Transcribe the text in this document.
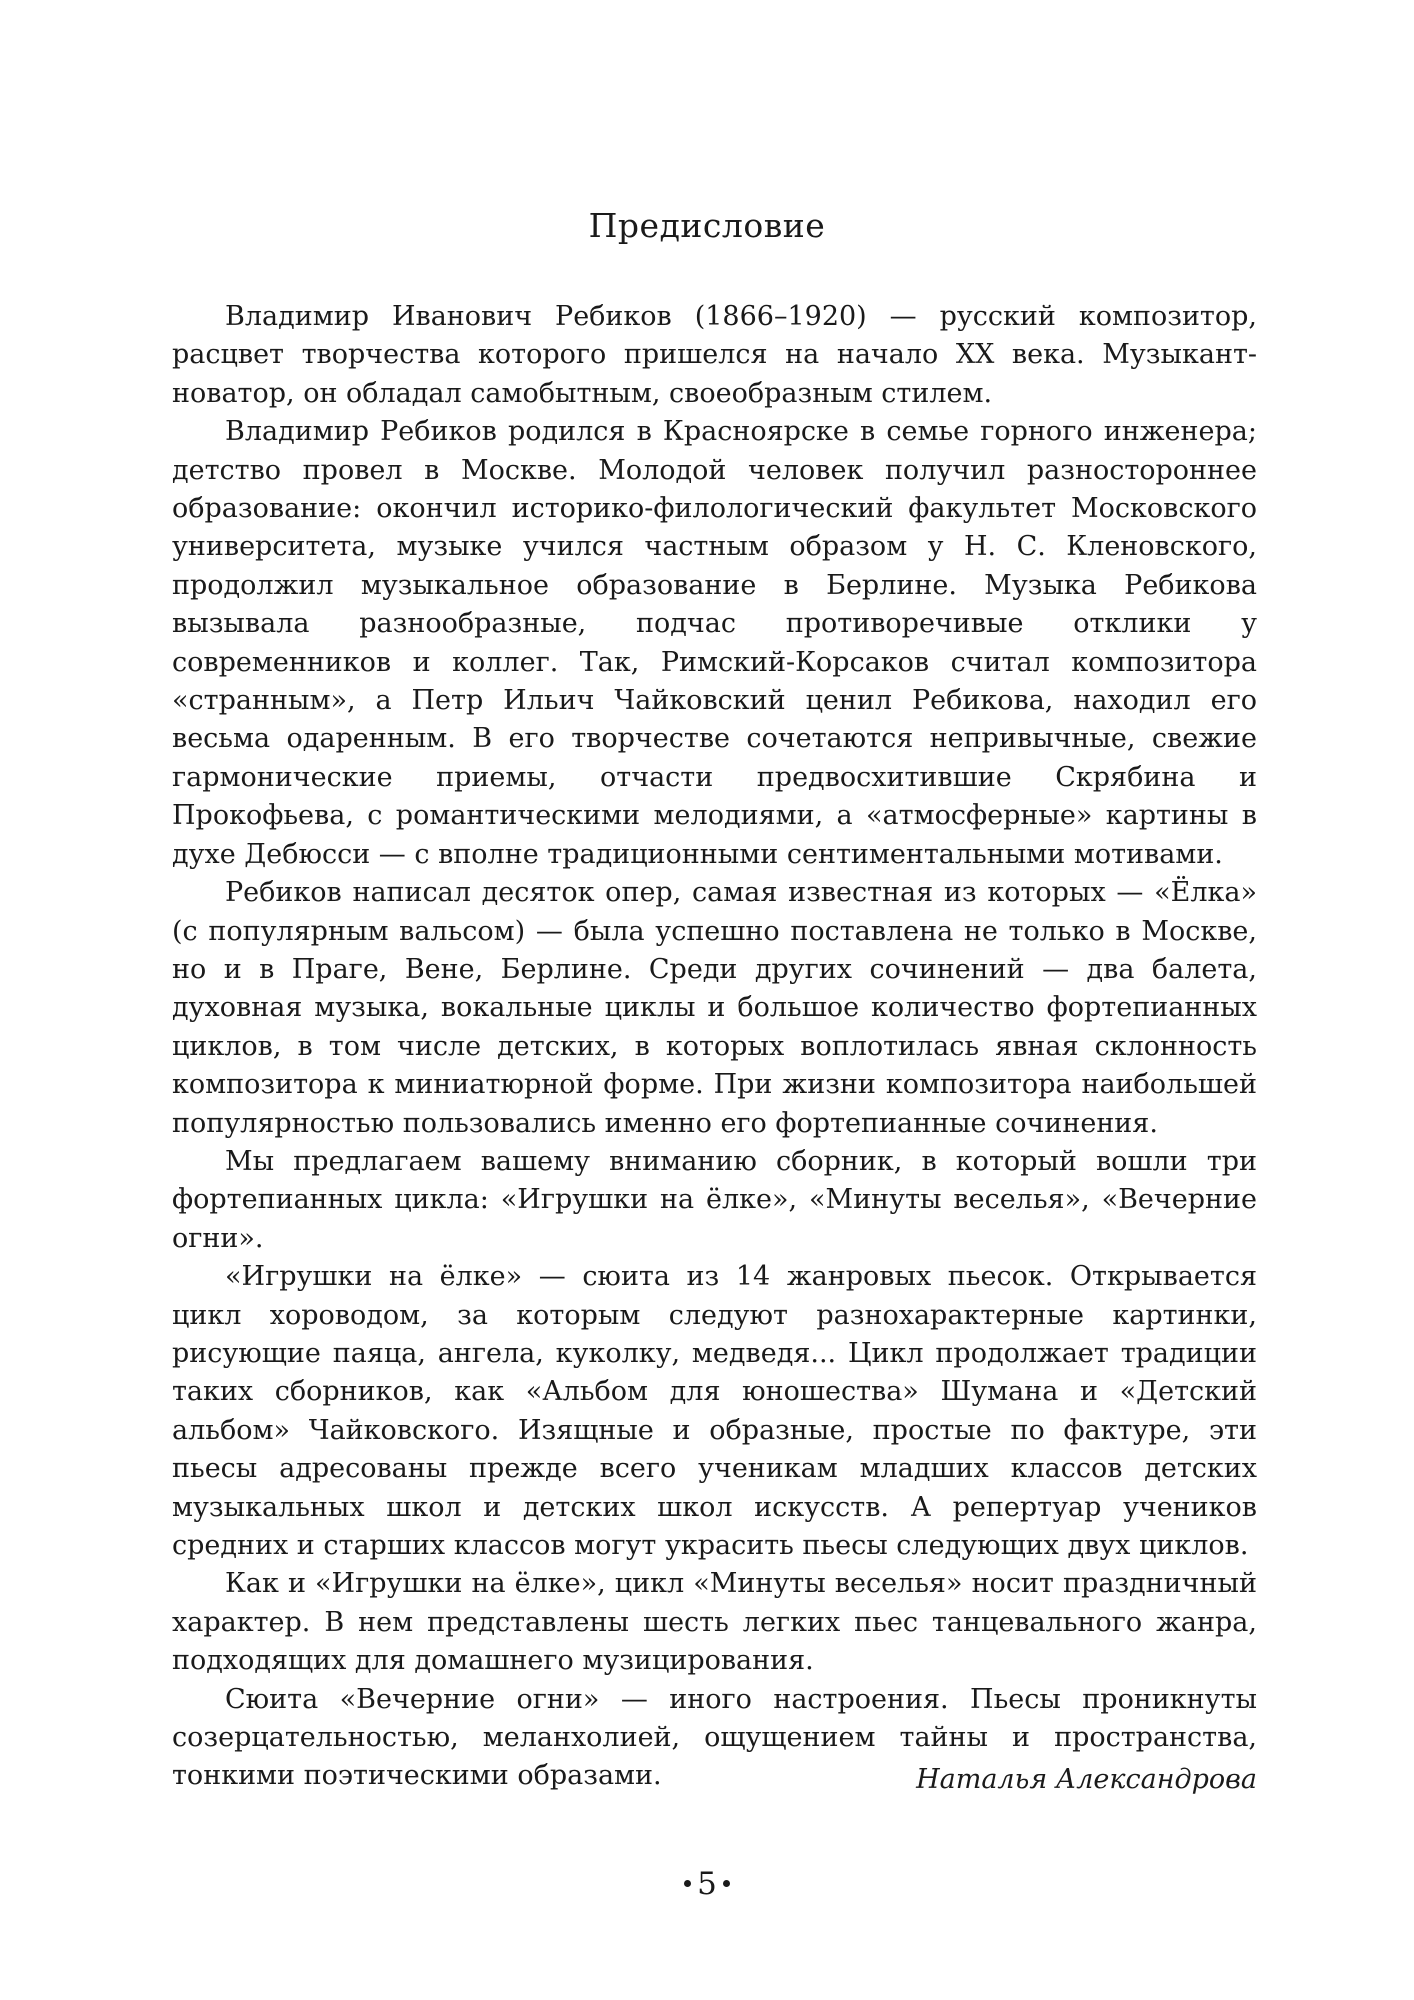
Предисловие

Владимир Иванович Ребиков (1866–1920) — русский композитор, расцвет творчества которого пришелся на начало XX века. Музыкант-новатор, он обладал самобытным, своеобразным стилем.

Владимир Ребиков родился в Красноярске в семье горного инженера; детство провел в Москве. Молодой человек получил разностороннее образование: окончил историко-филологический факультет Московского университета, музыке учился частным образом у Н. С. Кленовского, продолжил музыкальное образование в Берлине. Музыка Ребикова вызывала разнообразные, подчас противоречивые отклики у современников и коллег. Так, Римский-Корсаков считал композитора «странным», а Петр Ильич Чайковский ценил Ребикова, находил его весьма одаренным. В его творчестве сочетаются непривычные, свежие гармонические приемы, отчасти предвосхитившие Скрябина и Прокофьева, с романтическими мелодиями, а «атмосферные» картины в духе Дебюсси — с вполне традиционными сентиментальными мотивами.

Ребиков написал десяток опер, самая известная из которых — «Ёлка» (с популярным вальсом) — была успешно поставлена не только в Москве, но и в Праге, Вене, Берлине. Среди других сочинений — два балета, духовная музыка, вокальные циклы и большое количество фортепианных циклов, в том числе детских, в которых воплотилась явная склонность композитора к миниатюрной форме. При жизни композитора наибольшей популярностью пользовались именно его фортепианные сочинения.

Мы предлагаем вашему вниманию сборник, в который вошли три фортепианных цикла: «Игрушки на ёлке», «Минуты веселья», «Вечерние огни».

«Игрушки на ёлке» — сюита из 14 жанровых пьесок. Открывается цикл хороводом, за которым следуют разнохарактерные картинки, рисующие паяца, ангела, куколку, медведя... Цикл продолжает традиции таких сборников, как «Альбом для юношества» Шумана и «Детский альбом» Чайковского. Изящные и образные, простые по фактуре, эти пьесы адресованы прежде всего ученикам младших классов детских музыкальных школ и детских школ искусств. А репертуар учеников средних и старших классов могут украсить пьесы следующих двух циклов.

Как и «Игрушки на ёлке», цикл «Минуты веселья» носит праздничный характер. В нем представлены шесть легких пьес танцевального жанра, подходящих для домашнего музицирования.

Сюита «Вечерние огни» — иного настроения. Пьесы проникнуты созерцательностью, меланхолией, ощущением тайны и пространства, тонкими поэтическими образами.	Наталья Александрова
5
